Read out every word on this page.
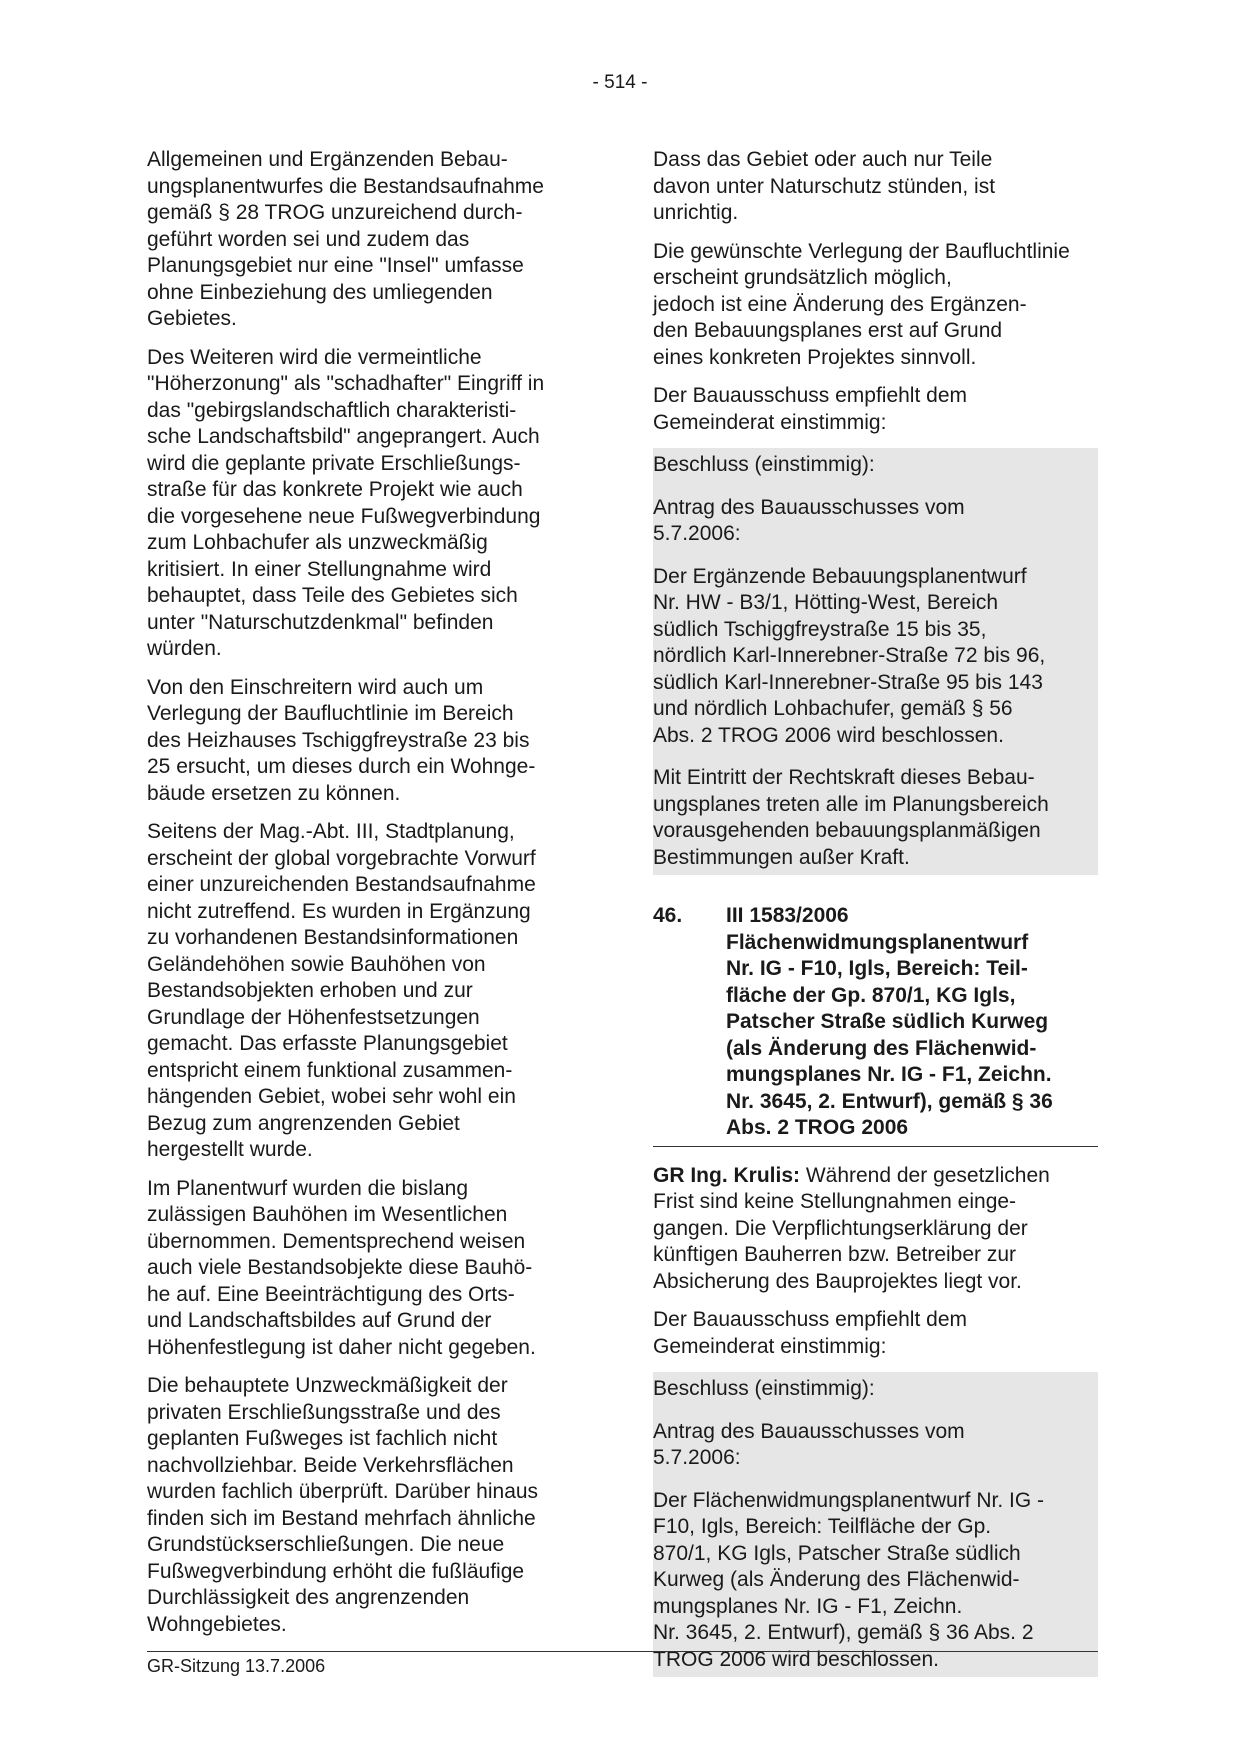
- 514 -

Allgemeinen und Ergänzenden Bebau-
ungsplanentwurfes die Bestandsaufnahme
gemäß § 28 TROG unzureichend durch-
geführt worden sei und zudem das
Planungsgebiet nur eine "Insel" umfasse
ohne Einbeziehung des umliegenden
Gebietes.

Des Weiteren wird die vermeintliche
"Höherzonung" als "schadhafter" Eingriff in
das "gebirgslandschaftlich charakteristi-
sche Landschaftsbild" angeprangert. Auch
wird die geplante private Erschließungs-
straße für das konkrete Projekt wie auch
die vorgesehene neue Fußwegverbindung
zum Lohbachufer als unzweckmäßig
kritisiert. In einer Stellungnahme wird
behauptet, dass Teile des Gebietes sich
unter "Naturschutzdenkmal" befinden
würden.

Von den Einschreitern wird auch um
Verlegung der Baufluchtlinie im Bereich
des Heizhauses Tschiggfreystraße 23 bis
25 ersucht, um dieses durch ein Wohnge-
bäude ersetzen zu können.

Seitens der Mag.-Abt. III, Stadtplanung,
erscheint der global vorgebrachte Vorwurf
einer unzureichenden Bestandsaufnahme
nicht zutreffend. Es wurden in Ergänzung
zu vorhandenen Bestandsinformationen
Geländehöhen sowie Bauhöhen von
Bestandsobjekten erhoben und zur
Grundlage der Höhenfestsetzungen
gemacht. Das erfasste Planungsgebiet
entspricht einem funktional zusammen-
hängenden Gebiet, wobei sehr wohl ein
Bezug zum angrenzenden Gebiet
hergestellt wurde.

Im Planentwurf wurden die bislang
zulässigen Bauhöhen im Wesentlichen
übernommen. Dementsprechend weisen
auch viele Bestandsobjekte diese Bauhö-
he auf. Eine Beeinträchtigung des Orts-
und Landschaftsbildes auf Grund der
Höhenfestlegung ist daher nicht gegeben.

Die behauptete Unzweckmäßigkeit der
privaten Erschließungsstraße und des
geplanten Fußweges ist fachlich nicht
nachvollziehbar. Beide Verkehrsflächen
wurden fachlich überprüft. Darüber hinaus
finden sich im Bestand mehrfach ähnliche
Grundstückserschließungen. Die neue
Fußwegverbindung erhöht die fußläufige
Durchlässigkeit des angrenzenden
Wohngebietes.

Dass das Gebiet oder auch nur Teile
davon unter Naturschutz stünden, ist
unrichtig.

Die gewünschte Verlegung der Baufluchtlinie erscheint grundsätzlich möglich,
jedoch ist eine Änderung des Ergänzen-
den Bebauungsplanes erst auf Grund
eines konkreten Projektes sinnvoll.

Der Bauausschuss empfiehlt dem
Gemeinderat einstimmig:

Beschluss (einstimmig):

Antrag des Bauausschusses vom
5.7.2006:

Der Ergänzende Bebauungsplanentwurf
Nr. HW - B3/1, Hötting-West, Bereich
südlich Tschiggfreystraße 15 bis 35,
nördlich Karl-Innerebner-Straße 72 bis 96,
südlich Karl-Innerebner-Straße 95 bis 143
und nördlich Lohbachufer, gemäß § 56
Abs. 2 TROG 2006 wird beschlossen.

Mit Eintritt der Rechtskraft dieses Bebau-
ungsplanes treten alle im Planungsbereich
vorausgehenden bebauungsplanmäßigen
Bestimmungen außer Kraft.

46.	III 1583/2006
Flächenwidmungsplanentwurf
Nr. IG - F10, Igls, Bereich: Teil-
fläche der Gp. 870/1, KG Igls,
Patscher Straße südlich Kurweg
(als Änderung des Flächenwid-
mungsplanes Nr. IG - F1, Zeichn.
Nr. 3645, 2. Entwurf), gemäß § 36
Abs. 2 TROG 2006

GR Ing. Krulis: Während der gesetzlichen
Frist sind keine Stellungnahmen einge-
gangen. Die Verpflichtungserklärung der
künftigen Bauherren bzw. Betreiber zur
Absicherung des Bauprojektes liegt vor.

Der Bauausschuss empfiehlt dem
Gemeinderat einstimmig:

Beschluss (einstimmig):

Antrag des Bauausschusses vom
5.7.2006:

Der Flächenwidmungsplanentwurf Nr. IG -
F10, Igls, Bereich: Teilfläche der Gp.
870/1, KG Igls, Patscher Straße südlich
Kurweg (als Änderung des Flächenwid-
mungsplanes Nr. IG - F1, Zeichn.
Nr. 3645, 2. Entwurf), gemäß § 36 Abs. 2
TROG 2006 wird beschlossen.

GR-Sitzung 13.7.2006
